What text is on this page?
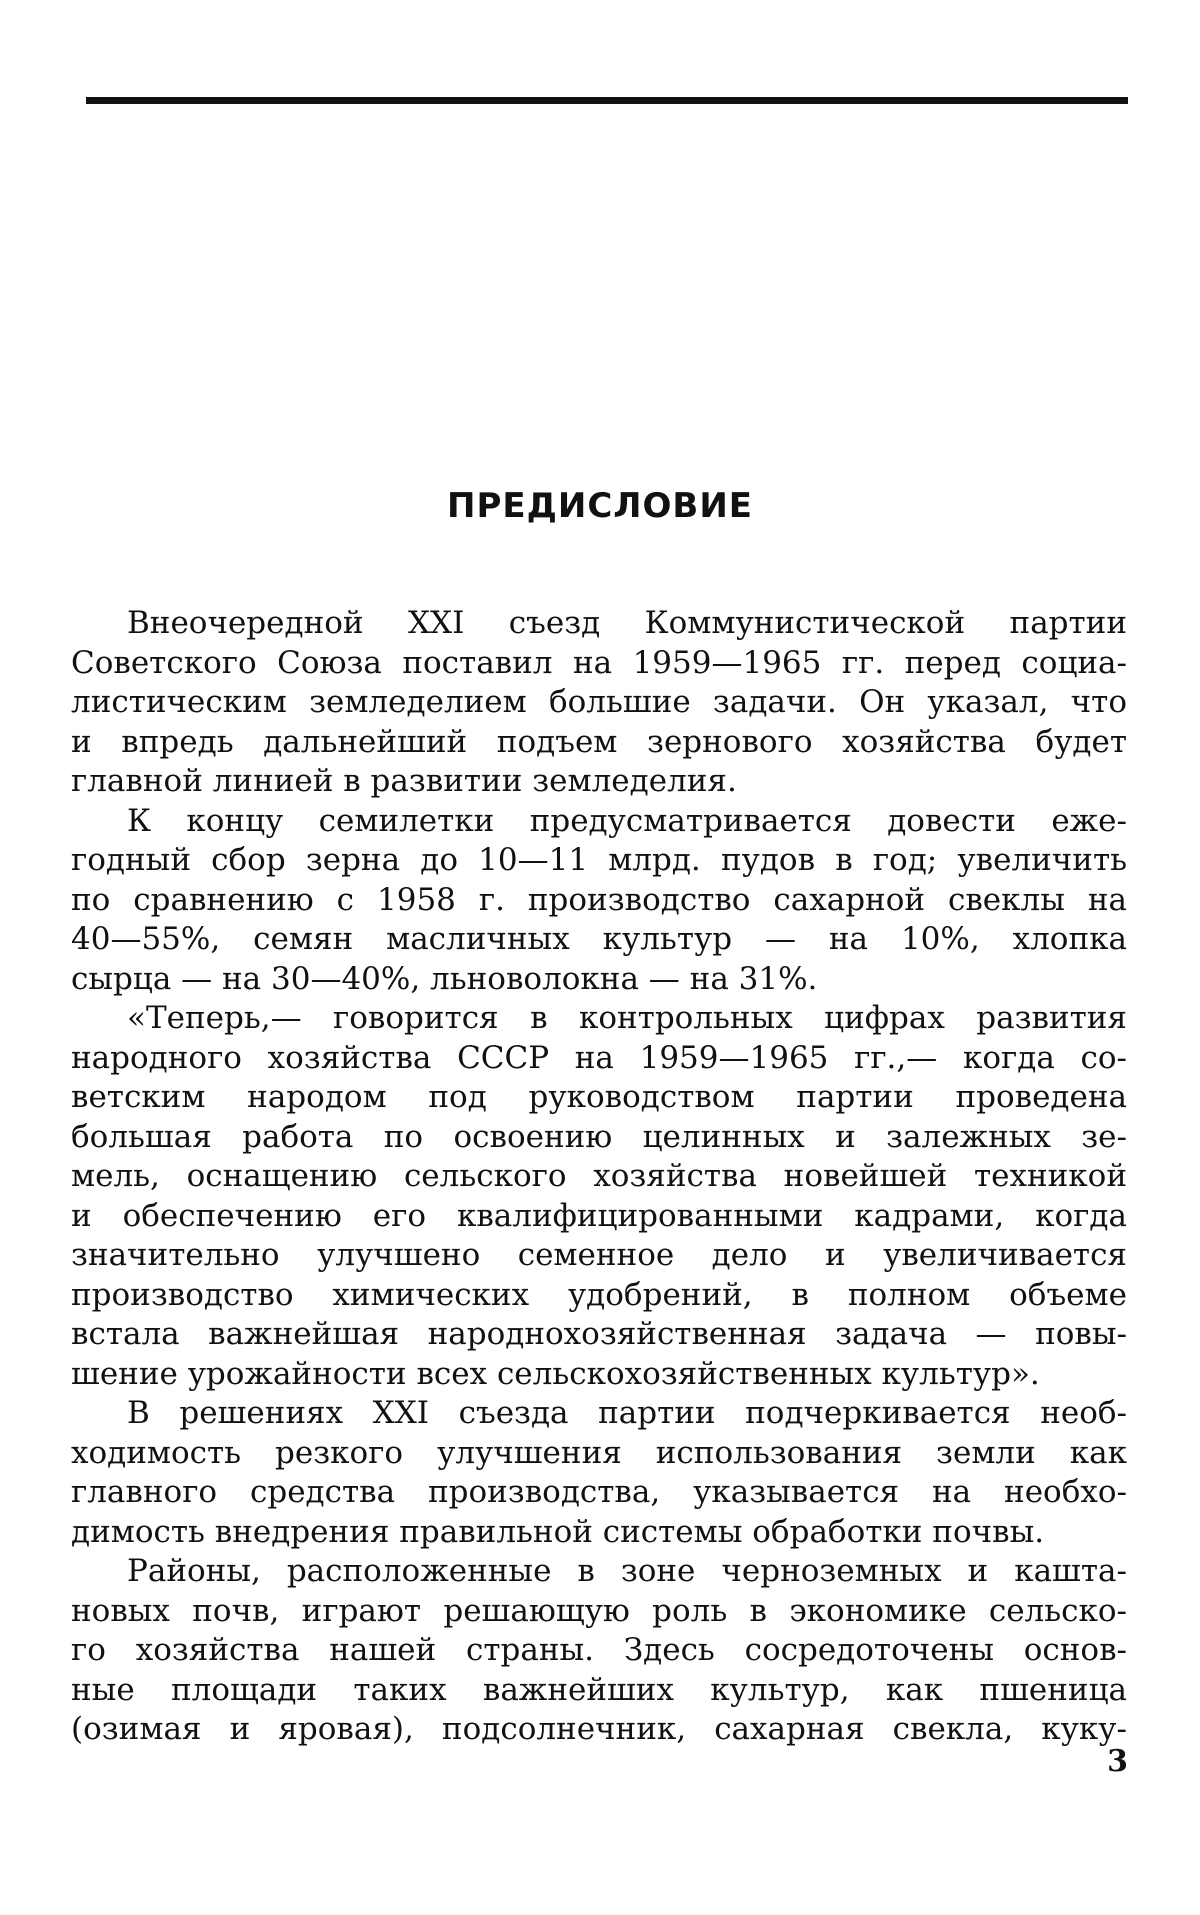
ПРЕДИСЛОВИЕ
Внеочередной XXI съезд Коммунистической партии
Советского Союза поставил на 1959—1965 гг. перед социа-
листическим земледелием большие задачи. Он указал, что
и впредь дальнейший подъем зернового хозяйства будет
главной линией в развитии земледелия.
К концу семилетки предусматривается довести еже-
годный сбор зерна до 10—11 млрд. пудов в год; увеличить
по сравнению с 1958 г. производство сахарной свеклы на
40—55%, семян масличных культур — на 10%, хлопка
сырца — на 30—40%, льноволокна — на 31%.
«Теперь,— говорится в контрольных цифрах развития
народного хозяйства СССР на 1959—1965 гг.,— когда со-
ветским народом под руководством партии проведена
большая работа по освоению целинных и залежных зе-
мель, оснащению сельского хозяйства новейшей техникой
и обеспечению его квалифицированными кадрами, когда
значительно улучшено семенное дело и увеличивается
производство химических удобрений, в полном объеме
встала важнейшая народнохозяйственная задача — повы-
шение урожайности всех сельскохозяйственных культур».
В решениях XXI съезда партии подчеркивается необ-
ходимость резкого улучшения использования земли как
главного средства производства, указывается на необхо-
димость внедрения правильной системы обработки почвы.
Районы, расположенные в зоне черноземных и кашта-
новых почв, играют решающую роль в экономике сельско-
го хозяйства нашей страны. Здесь сосредоточены основ-
ные площади таких важнейших культур, как пшеница
(озимая и яровая), подсолнечник, сахарная свекла, куку-
3
